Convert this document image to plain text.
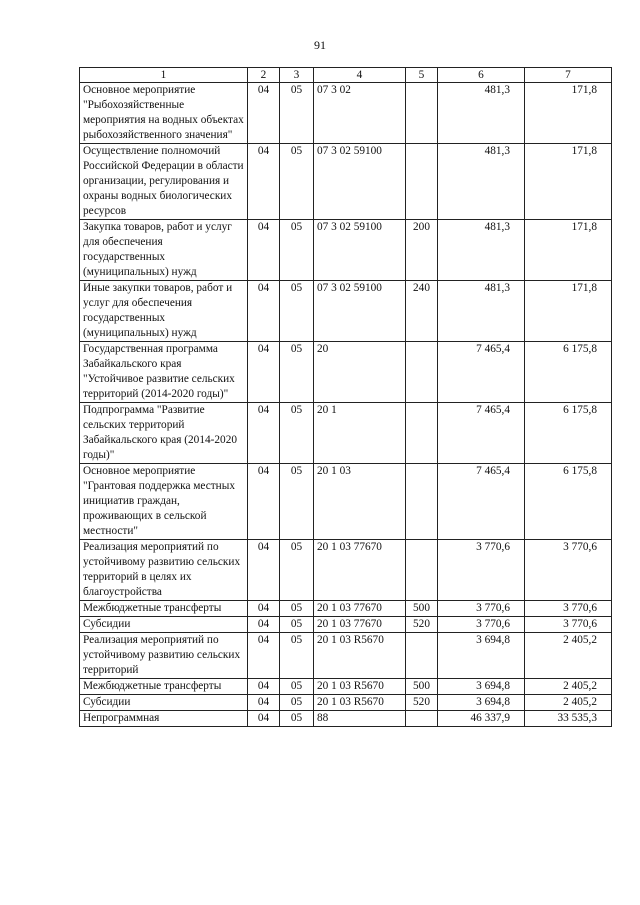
91
1	2	3	4	5	6	7
Основное мероприятие "Рыбохозяйственные мероприятия на водных объектах рыбохозяйственного значения"	04	05	07 3 02		481,3	171,8
Осуществление полномочий Российской Федерации в области организации, регулирования и охраны водных биологических ресурсов	04	05	07 3 02 59100		481,3	171,8
Закупка товаров, работ и услуг для обеспечения государственных (муниципальных) нужд	04	05	07 3 02 59100	200	481,3	171,8
Иные закупки товаров, работ и услуг для обеспечения государственных (муниципальных) нужд	04	05	07 3 02 59100	240	481,3	171,8
Государственная программа Забайкальского края "Устойчивое развитие сельских территорий (2014-2020 годы)"	04	05	20		7 465,4	6 175,8
Подпрограмма "Развитие сельских территорий Забайкальского края (2014-2020 годы)"	04	05	20 1		7 465,4	6 175,8
Основное мероприятие "Грантовая поддержка местных инициатив граждан, проживающих в сельской местности"	04	05	20 1 03		7 465,4	6 175,8
Реализация мероприятий по устойчивому развитию сельских территорий в целях их благоустройства	04	05	20 1 03 77670		3 770,6	3 770,6
Межбюджетные трансферты	04	05	20 1 03 77670	500	3 770,6	3 770,6
Субсидии	04	05	20 1 03 77670	520	3 770,6	3 770,6
Реализация мероприятий по устойчивому развитию сельских территорий	04	05	20 1 03 R5670		3 694,8	2 405,2
Межбюджетные трансферты	04	05	20 1 03 R5670	500	3 694,8	2 405,2
Субсидии	04	05	20 1 03 R5670	520	3 694,8	2 405,2
Непрограммная	04	05	88		46 337,9	33 535,3
